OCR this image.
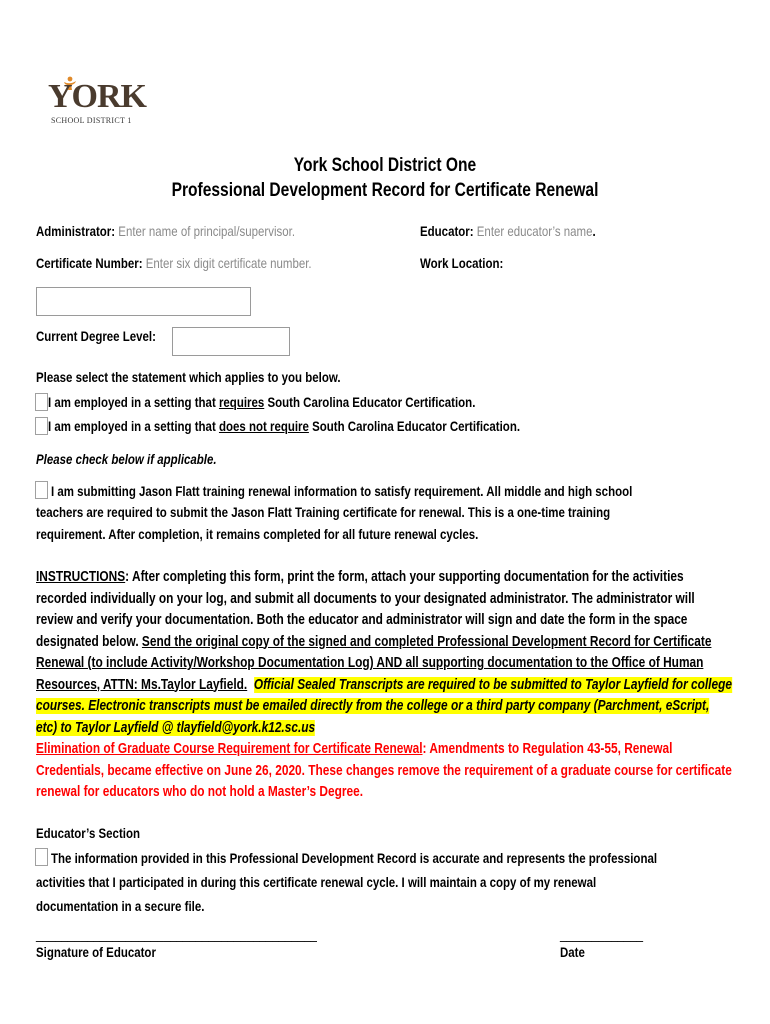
YORK
SCHOOL DISTRICT 1
York School District One
Professional Development Record for Certificate Renewal
Administrator: Enter name of principal/supervisor.	Educator: Enter educator’s name.
Certificate Number: Enter six digit certificate number.	Work Location:
Current Degree Level:
Please select the statement which applies to you below.
I am employed in a setting that requires South Carolina Educator Certification.
I am employed in a setting that does not require South Carolina Educator Certification.
Please check below if applicable.
I am submitting Jason Flatt training renewal information to satisfy requirement. All middle and high school
teachers are required to submit the Jason Flatt Training certificate for renewal. This is a one-time training
requirement. After completion, it remains completed for all future renewal cycles.
INSTRUCTIONS: After completing this form, print the form, attach your supporting documentation for the activities recorded individually on your log, and submit all documents to your designated administrator. The administrator will review and verify your documentation. Both the educator and administrator will sign and date the form in the space designated below. Send the original copy of the signed and completed Professional Development Record for Certificate Renewal (to include Activity/Workshop Documentation Log) AND all supporting documentation to the Office of Human Resources, ATTN: Ms.Taylor Layfield. Official Sealed Transcripts are required to be submitted to Taylor Layfield for college courses. Electronic transcripts must be emailed directly from the college or a third party company (Parchment, eScript, etc) to Taylor Layfield @ tlayfield@york.k12.sc.us
Elimination of Graduate Course Requirement for Certificate Renewal: Amendments to Regulation 43-55, Renewal Credentials, became effective on June 26, 2020. These changes remove the requirement of a graduate course for certificate renewal for educators who do not hold a Master’s Degree.
Educator’s Section
The information provided in this Professional Development Record is accurate and represents the professional
activities that I participated in during this certificate renewal cycle. I will maintain a copy of my renewal
documentation in a secure file.
____________________________________________
Signature of Educator
_____________
Date
